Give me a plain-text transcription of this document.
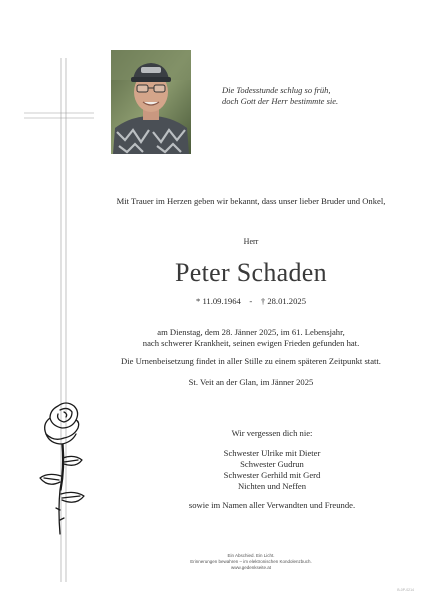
Die Todesstunde schlug so früh,
doch Gott der Herr bestimmte sie.
Mit Trauer im Herzen geben wir bekannt, dass unser lieber Bruder und Onkel,
Herr
Peter Schaden
* 11.09.1964 - † 28.01.2025
am Dienstag, dem 28. Jänner 2025, im 61. Lebensjahr,
nach schwerer Krankheit, seinen ewigen Frieden gefunden hat.
Die Urnenbeisetzung findet in aller Stille zu einem späteren Zeitpunkt statt.
St. Veit an der Glan, im Jänner 2025
Wir vergessen dich nie:
Schwester Ulrike mit Dieter
Schwester Gudrun
Schwester Gerhild mit Gerd
Nichten und Neffen
sowie im Namen aller Verwandten und Freunde.
Ein Abschied. Ein Licht.
Erinnerungen bewahren – im elektronischen Kondolenzbuch.
www.gedenkseite.at
B-0P-0214
